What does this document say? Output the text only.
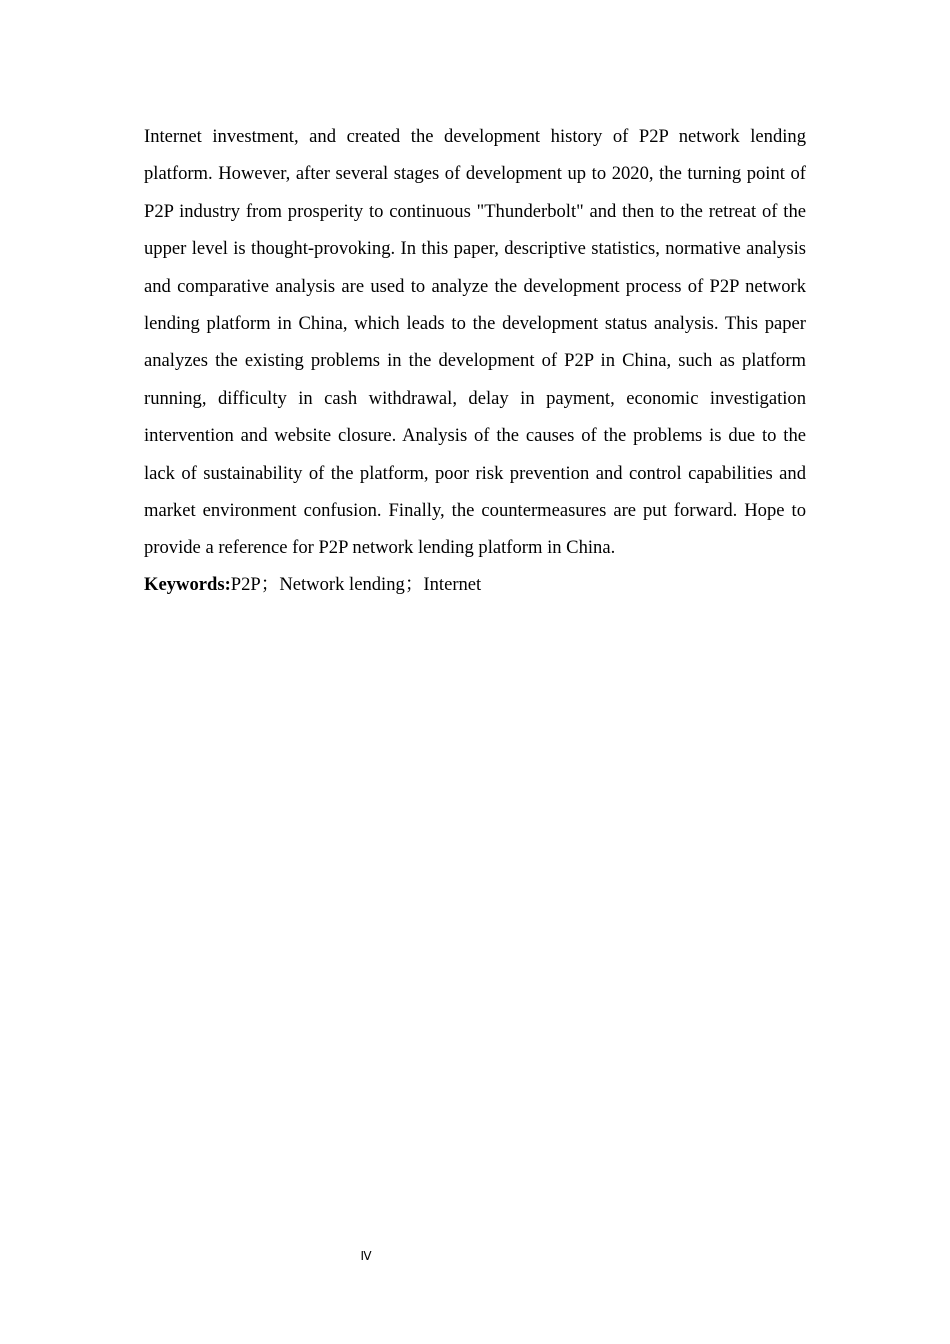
Internet investment, and created the development history of P2P network lending platform. However, after several stages of development up to 2020, the turning point of P2P industry from prosperity to continuous "Thunderbolt" and then to the retreat of the upper level is thought-provoking. In this paper, descriptive statistics, normative analysis and comparative analysis are used to analyze the development process of P2P network lending platform in China, which leads to the development status analysis. This paper analyzes the existing problems in the development of P2P in China, such as platform running, difficulty in cash withdrawal, delay in payment, economic investigation intervention and website closure. Analysis of the causes of the problems is due to the lack of sustainability of the platform, poor risk prevention and control capabilities and market environment confusion. Finally, the countermeasures are put forward. Hope to provide a reference for P2P network lending platform in China.

Keywords:P2P；Network lending；Internet

Ⅳ
